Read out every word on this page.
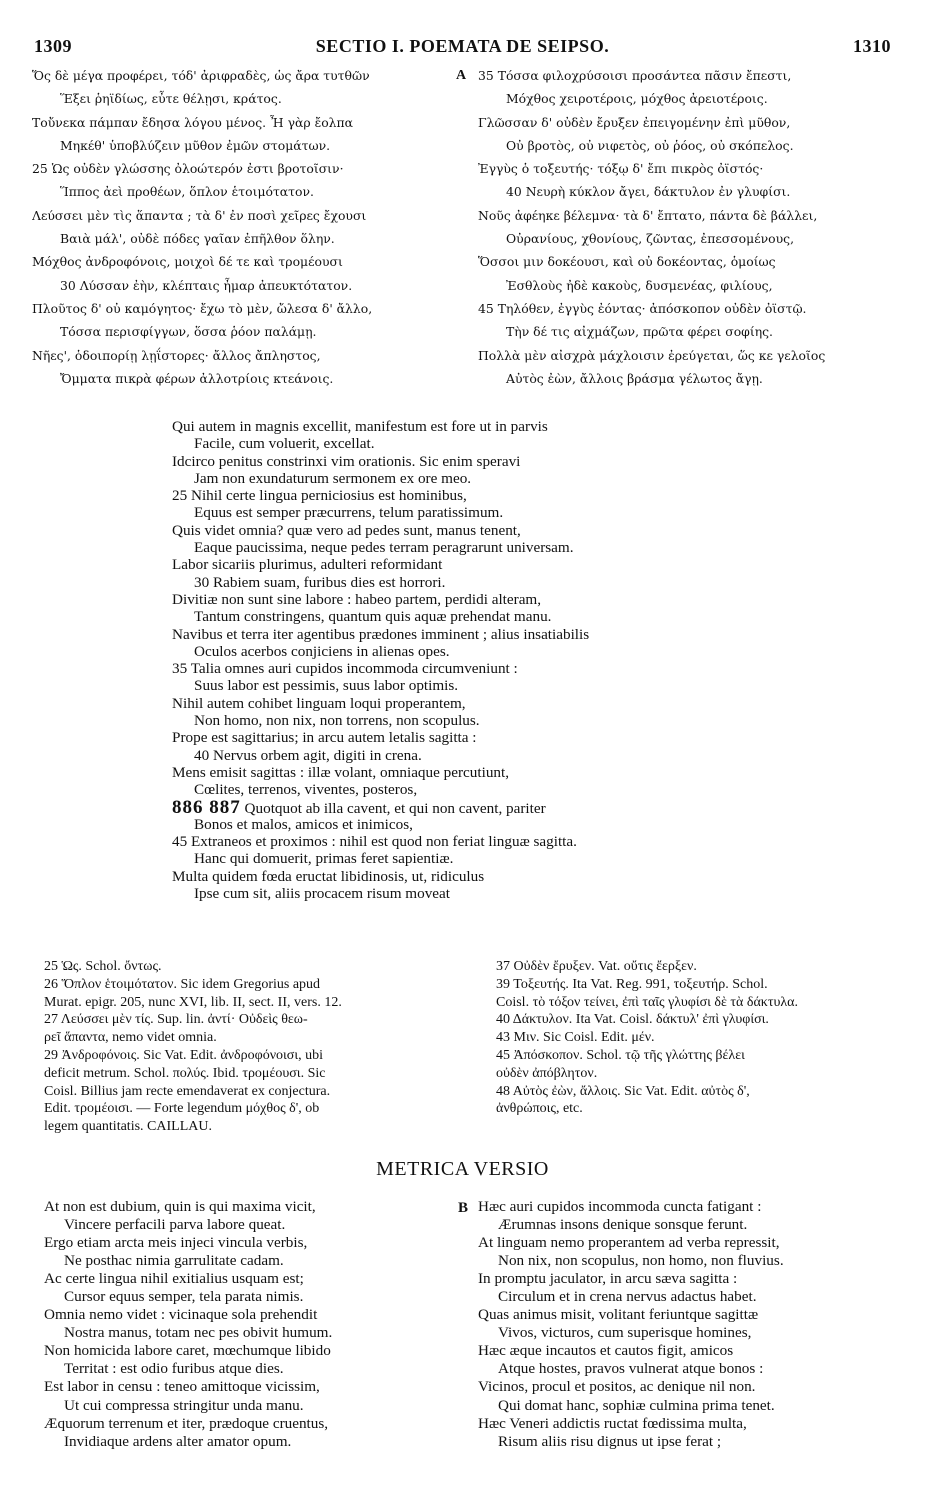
1309	SECTIO I. POEMATA DE SEIPSO.	1310
Ὅς δὲ μέγα προφέρει, τόδ' ἀριφραδὲς, ὡς ἄρα τυτθῶν
Ἕξει ῥηϊδίως, εὖτε θέλῃσι, κράτος.
Τοὔνεκα πάμπαν ἔδησα λόγου μένος. Ἦ γὰρ ἔολπα
Μηκέθ' ὑποβλύζειν μῦθον ἐμῶν στομάτων.
25 Ὡς οὐδὲν γλώσσης ὀλοώτερόν ἐστι βροτοῖσιν·
Ἵππος ἀεὶ προθέων, ὅπλον ἑτοιμότατον.
Λεύσσει μὲν τὶς ἅπαντα ; τὰ δ' ἐν ποσὶ χεῖρες ἔχουσι
Βαιὰ μάλ', οὐδὲ πόδες γαῖαν ἐπῆλθον ὅλην.
Μόχθος ἀνδροφόνοις, μοιχοὶ δέ τε καὶ τρομέουσι
30 Λύσσαν ἐὴν, κλέπταις ἦμαρ ἀπευκτότατον.
Πλοῦτος δ' οὐ καμόγητος· ἔχω τὸ μὲν, ὤλεσα δ' ἄλλο,
Τόσσα περισφίγγων, ὅσσα ῥόον παλάμῃ.
Νῆες', ὁδοιπορίῃ λῃΐστορες· ἄλλος ἄπληστος,
Ὄμματα πικρὰ φέρων ἀλλοτρίοις κτεάνοις.
A 35 Τόσσα φιλοχρύσοισι προσάντεα πᾶσιν ἔπεστι,
Μόχθος χειροτέροις, μόχθος ἀρειοτέροις.
Γλῶσσαν δ' οὐδὲν ἔρυξεν ἐπειγομένην ἐπὶ μῦθον,
Οὐ βροτὸς, οὐ νιφετὸς, οὐ ῥόος, οὐ σκόπελος.
Ἐγγὺς ὁ τοξευτής· τόξῳ δ' ἔπι πικρὸς ὀϊστός·
40 Νευρὴ κύκλον ἄγει, δάκτυλον ἐν γλυφίσι.
Νοῦς ἀφέηκε βέλεμνα· τὰ δ' ἔπτατο, πάντα δὲ βάλλει,
Οὐρανίους, χθονίους, ζῶντας, ἐπεσσομένους,
Ὅσσοι μιν δοκέουσι, καὶ οὐ δοκέοντας, ὁμοίως
Ἐσθλοὺς ἠδὲ κακοὺς, δυσμενέας, φιλίους,
45 Τηλόθεν, ἐγγὺς ἐόντας· ἀπόσκοπον οὐδὲν ὀϊστῷ.
Τὴν δέ τις αἰχμάζων, πρῶτα φέρει σοφίης.
Πολλὰ μὲν αἰσχρὰ μάχλοισιν ἐρεύγεται, ὥς κε γελοῖος
Αὐτὸς ἐὼν, ἄλλοις βράσμα γέλωτος ἄγῃ.
Qui autem in magnis excellit, manifestum est fore ut in parvis
Facile, cum voluerit, excellat.
Idcirco penitus constrinxi vim orationis. Sic enim speravi
Jam non exundaturum sermonem ex ore meo.
25 Nihil certe lingua perniciosius est hominibus,
Equus est semper præcurrens, telum paratissimum.
Quis videt omnia? quæ vero ad pedes sunt, manus tenent,
Eaque paucissima, neque pedes terram peragrarunt universam.
Labor sicariis plurimus, adulteri reformidant
30 Rabiem suam, furibus dies est horrori.
Divitiæ non sunt sine labore : habeo partem, perdidi alteram,
Tantum constringens, quantum quis aquæ prehendat manu.
Navibus et terra iter agentibus prædones imminent ; alius insatiabilis
Oculos acerbos conjiciens in alienas opes.
35 Talia omnes auri cupidos incommoda circumveniunt :
Suus labor est pessimis, suus labor optimis.
Nihil autem cohibet linguam loqui properantem,
Non homo, non nix, non torrens, non scopulus.
Prope est sagittarius; in arcu autem letalis sagitta :
40 Nervus orbem agit, digiti in crena.
Mens emisit sagittas : illæ volant, omniaque percutiunt,
Cœlites, terrenos, viventes, posteros,
886 887 Quotquot ab illa cavent, et qui non cavent, pariter
Bonos et malos, amicos et inimicos,
45 Extraneos et proximos : nihil est quod non feriat linguæ sagitta.
Hanc qui domuerit, primas feret sapientiæ.
Multa quidem fœda eructat libidinosis, ut, ridiculus
Ipse cum sit, aliis procacem risum moveat
25 Ὡς. Schol. ὄντως.
26 Ὅπλον ἑτοιμότατον. Sic idem Gregorius apud
Murat. epigr. 205, nunc XVI, lib. II, sect. II, vers. 12.
27 Λεύσσει μὲν τίς. Sup. lin. ἀντί· Οὐδεὶς θεω-
ρεῖ ἅπαντα, nemo videt omnia.
29 Ἀνδροφόνοις. Sic Vat. Edit. ἀνδροφόνοισι, ubi
deficit metrum. Schol. πολύς. Ibid. τρομέουσι. Sic
Coisl. Billius jam recte emendaverat ex conjectura.
Edit. τρομέοισι. — Forte legendum μόχθος δ', ob
legem quantitatis. CAILLAU.
37 Οὐδὲν ἔρυξεν. Vat. οὔτις ἔερξεν.
39 Τοξευτής. Ita Vat. Reg. 991, τοξευτήρ. Schol.
Coisl. τὸ τόξον τείνει, ἐπὶ ταῖς γλυφίσι δὲ τὰ δάκτυλα.
40 Δάκτυλον. Ita Vat. Coisl. δάκτυλ' ἐπὶ γλυφίσι.
43 Μιν. Sic Coisl. Edit. μέν.
45 Ἀπόσκοπον. Schol. τῷ τῆς γλώττης βέλει
οὐδὲν ἀπόβλητον.
48 Αὐτὸς ἐὼν, ἄλλοις. Sic Vat. Edit. αὐτὸς δ',
ἀνθρώποις, etc.
METRICA VERSIO
At non est dubium, quin is qui maxima vicit,
Vincere perfacili parva labore queat.
Ergo etiam arcta meis injeci vincula verbis,
Ne posthac nimia garrulitate cadam.
Ac certe lingua nihil exitialius usquam est;
Cursor equus semper, tela parata nimis.
Omnia nemo videt : vicinaque sola prehendit
Nostra manus, totam nec pes obivit humum.
Non homicida labore caret, mœchumque libido
Territat : est odio furibus atque dies.
Est labor in censu : teneo amittoque vicissim,
Ut cui compressa stringitur unda manu.
Æquorum terrenum et iter, prædoque cruentus,
Invidiaque ardens alter amator opum.
B Hæc auri cupidos incommoda cuncta fatigant :
Ærumnas insons denique sonsque ferunt.
At linguam nemo properantem ad verba repressit,
Non nix, non scopulus, non homo, non fluvius.
In promptu jaculator, in arcu sæva sagitta :
Circulum et in crena nervus adactus habet.
Quas animus misit, volitant feriuntque sagittæ
Vivos, victuros, cum superisque homines,
Hæc æque incautos et cautos figit, amicos
Atque hostes, pravos vulnerat atque bonos :
Vicinos, procul et positos, ac denique nil non.
Qui domat hanc, sophiæ culmina prima tenet.
Hæc Veneri addictis ructat fœdissima multa,
Risum aliis risu dignus ut ipse ferat ;
